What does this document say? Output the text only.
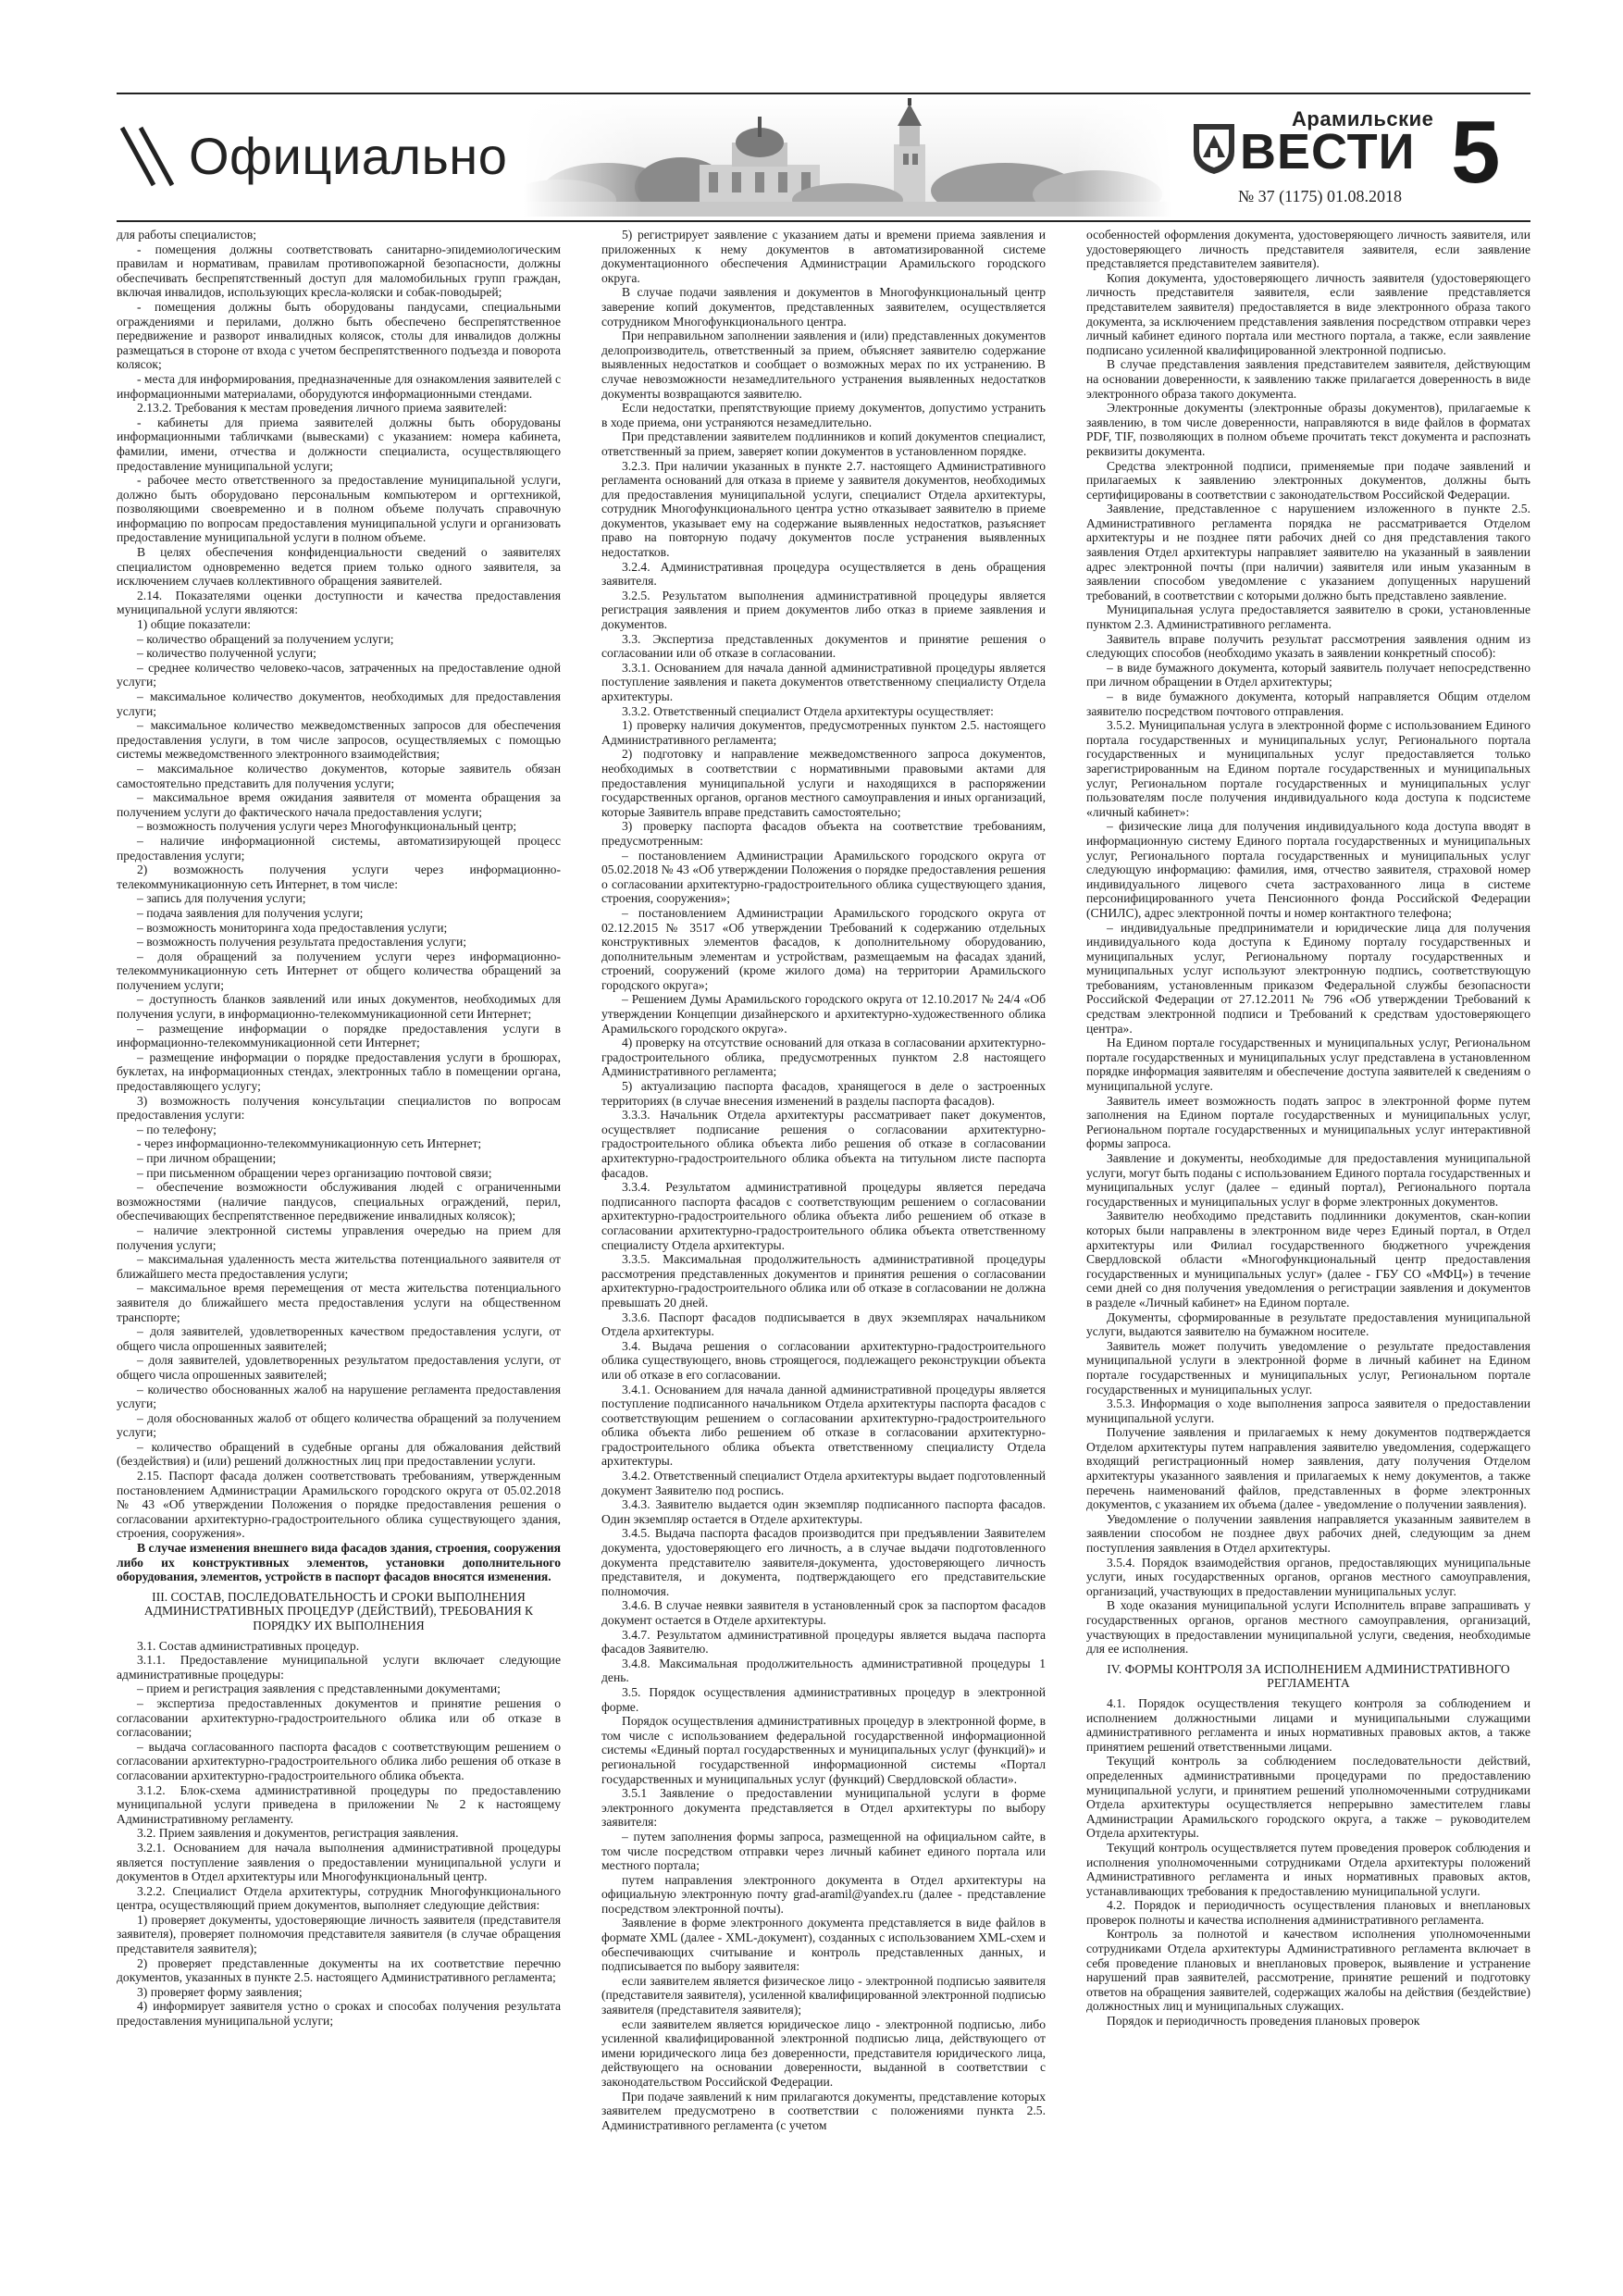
Официально
Арамильские
ВЕСТИ
№ 37 (1175) 01.08.2018 5

для работы специалистов;

- помещения должны соответствовать санитарно-эпидемиологическим правилам и нормативам, правилам противопожарной безопасности, должны обеспечивать беспрепятственный доступ для маломобильных групп граждан, включая инвалидов, использующих кресла-коляски и собак-поводырей;

- помещения должны быть оборудованы пандусами, специальными ограждениями и перилами, должно быть обеспечено беспрепятственное передвижение и разворот инвалидных колясок, столы для инвалидов должны размещаться в стороне от входа с учетом беспрепятственного подъезда и поворота колясок;

- места для информирования, предназначенные для ознакомления заявителей с информационными материалами, оборудуются информационными стендами.

2.13.2. Требования к местам проведения личного приема заявителей:

- кабинеты для приема заявителей должны быть оборудованы информационными табличками (вывесками) с указанием: номера кабинета, фамилии, имени, отчества и должности специалиста, осуществляющего предоставление муниципальной услуги;

- рабочее место ответственного за предоставление муниципальной услуги, должно быть оборудовано персональным компьютером и оргтехникой, позволяющими своевременно и в полном объеме получать справочную информацию по вопросам предоставления муниципальной услуги и организовать предоставление муниципальной услуги в полном объеме.

В целях обеспечения конфиденциальности сведений о заявителях специалистом одновременно ведется прием только одного заявителя, за исключением случаев коллективного обращения заявителей.

2.14. Показателями оценки доступности и качества предоставления муниципальной услуги являются:

1) общие показатели:

– количество обращений за получением услуги;

– количество полученной услуги;

– среднее количество человеко-часов, затраченных на предоставление одной услуги;

– максимальное количество документов, необходимых для предоставления услуги;

– максимальное количество межведомственных запросов для обеспечения предоставления услуги, в том числе запросов, осуществляемых с помощью системы межведомственного электронного взаимодействия;

– максимальное количество документов, которые заявитель обязан самостоятельно представить для получения услуги;

– максимальное время ожидания заявителя от момента обращения за получением услуги до фактического начала предоставления услуги;

– возможность получения услуги через Многофункциональный центр;

– наличие информационной системы, автоматизирующей процесс предоставления услуги;

2) возможность получения услуги через информационно-телекоммуникационную сеть Интернет, в том числе:

– запись для получения услуги;

– подача заявления для получения услуги;

– возможность мониторинга хода предоставления услуги;

– возможность получения результата предоставления услуги;

– доля обращений за получением услуги через информационно-телекоммуникационную сеть Интернет от общего количества обращений за получением услуги;

– доступность бланков заявлений или иных документов, необходимых для получения услуги, в информационно-телекоммуникационной сети Интернет;

– размещение информации о порядке предоставления услуги в информационно-телекоммуникационной сети Интернет;

– размещение информации о порядке предоставления услуги в брошюрах, буклетах, на информационных стендах, электронных табло в помещении органа, предоставляющего услугу;

3) возможность получения консультации специалистов по вопросам предоставления услуги:

– по телефону;

- через информационно-телекоммуникационную сеть Интернет;

– при личном обращении;

– при письменном обращении через организацию почтовой связи;

– обеспечение возможности обслуживания людей с ограниченными возможностями (наличие пандусов, специальных ограждений, перил, обеспечивающих беспрепятственное передвижение инвалидных колясок);

– наличие электронной системы управления очередью на прием для получения услуги;

– максимальная удаленность места жительства потенциального заявителя от ближайшего места предоставления услуги;

– максимальное время перемещения от места жительства потенциального заявителя до ближайшего места предоставления услуги на общественном транспорте;

– доля заявителей, удовлетворенных качеством предоставления услуги, от общего числа опрошенных заявителей;

– доля заявителей, удовлетворенных результатом предоставления услуги, от общего числа опрошенных заявителей;

– количество обоснованных жалоб на нарушение регламента предоставления услуги;

– доля обоснованных жалоб от общего количества обращений за получением услуги;

– количество обращений в судебные органы для обжалования действий (бездействия) и (или) решений должностных лиц при предоставлении услуги.

2.15. Паспорт фасада должен соответствовать требованиям, утвержденным постановлением Администрации Арамильского городского округа от 05.02.2018 № 43 «Об утверждении Положения о порядке предоставления решения о согласовании архитектурно-градостроительного облика существующего здания, строения, сооружения».

В случае изменения внешнего вида фасадов здания, строения, сооружения либо их конструктивных элементов, установки дополнительного оборудования, элементов, устройств в паспорт фасадов вносятся изменения.

III. СОСТАВ, ПОСЛЕДОВАТЕЛЬНОСТЬ И СРОКИ ВЫПОЛНЕНИЯ АДМИНИСТРАТИВНЫХ ПРОЦЕДУР (ДЕЙСТВИЙ), ТРЕБОВАНИЯ К ПОРЯДКУ ИХ ВЫПОЛНЕНИЯ

3.1. Состав административных процедур.

3.1.1. Предоставление муниципальной услуги включает следующие административные процедуры:

– прием и регистрация заявления с представленными документами;

– экспертиза предоставленных документов и принятие решения о согласовании архитектурно-градостроительного облика или об отказе в согласовании;

– выдача согласованного паспорта фасадов с соответствующим решением о согласовании архитектурно-градостроительного облика либо решения об отказе в согласовании архитектурно-градостроительного облика объекта.

3.1.2. Блок-схема административной процедуры по предоставлению муниципальной услуги приведена в приложении № 2 к настоящему Административному регламенту.

3.2. Прием заявления и документов, регистрация заявления.

3.2.1. Основанием для начала выполнения административной процедуры является поступление заявления о предоставлении муниципальной услуги и документов в Отдел архитектуры или Многофункциональный центр.

3.2.2. Специалист Отдела архитектуры, сотрудник Многофункционального центра, осуществляющий прием документов, выполняет следующие действия:

1) проверяет документы, удостоверяющие личность заявителя (представителя заявителя), проверяет полномочия представителя заявителя (в случае обращения представителя заявителя);

2) проверяет представленные документы на их соответствие перечню документов, указанных в пункте 2.5. настоящего Административного регламента;

3) проверяет форму заявления;

4) информирует заявителя устно о сроках и способах получения результата предоставления муниципальной услуги;

5) регистрирует заявление с указанием даты и времени приема заявления и приложенных к нему документов в автоматизированной системе документационного обеспечения Администрации Арамильского городского округа.

В случае подачи заявления и документов в Многофункциональный центр заверение копий документов, представленных заявителем, осуществляется сотрудником Многофункционального центра.

При неправильном заполнении заявления и (или) представленных документов делопроизводитель, ответственный за прием, объясняет заявителю содержание выявленных недостатков и сообщает о возможных мерах по их устранению. В случае невозможности незамедлительного устранения выявленных недостатков документы возвращаются заявителю.

Если недостатки, препятствующие приему документов, допустимо устранить в ходе приема, они устраняются незамедлительно.

При представлении заявителем подлинников и копий документов специалист, ответственный за прием, заверяет копии документов в установленном порядке.

3.2.3. При наличии указанных в пункте 2.7. настоящего Административного регламента оснований для отказа в приеме у заявителя документов, необходимых для предоставления муниципальной услуги, специалист Отдела архитектуры, сотрудник Многофункционального центра устно отказывает заявителю в приеме документов, указывает ему на содержание выявленных недостатков, разъясняет право на повторную подачу документов после устранения выявленных недостатков.

3.2.4. Административная процедура осуществляется в день обращения заявителя.

3.2.5. Результатом выполнения административной процедуры является регистрация заявления и прием документов либо отказ в приеме заявления и документов.

3.3. Экспертиза представленных документов и принятие решения о согласовании или об отказе в согласовании.

3.3.1. Основанием для начала данной административной процедуры является поступление заявления и пакета документов ответственному специалисту Отдела архитектуры.

3.3.2. Ответственный специалист Отдела архитектуры осуществляет:

1) проверку наличия документов, предусмотренных пунктом 2.5. настоящего Административного регламента;

2) подготовку и направление межведомственного запроса документов, необходимых в соответствии с нормативными правовыми актами для предоставления муниципальной услуги и находящихся в распоряжении государственных органов, органов местного самоуправления и иных организаций, которые Заявитель вправе представить самостоятельно;

3) проверку паспорта фасадов объекта на соответствие требованиям, предусмотренным:

– постановлением Администрации Арамильского городского округа от 05.02.2018 № 43 «Об утверждении Положения о порядке предоставления решения о согласовании архитектурно-градостроительного облика существующего здания, строения, сооружения»;

– постановлением Администрации Арамильского городского округа от 02.12.2015 № 3517 «Об утверждении Требований к содержанию отдельных конструктивных элементов фасадов, к дополнительному оборудованию, дополнительным элементам и устройствам, размещаемым на фасадах зданий, строений, сооружений (кроме жилого дома) на территории Арамильского городского округа»;

– Решением Думы Арамильского городского округа от 12.10.2017 № 24/4 «Об утверждении Концепции дизайнерского и архитектурно-художественного облика Арамильского городского округа».

4) проверку на отсутствие оснований для отказа в согласовании архитектурно-градостроительного облика, предусмотренных пунктом 2.8 настоящего Административного регламента;

5) актуализацию паспорта фасадов, хранящегося в деле о застроенных территориях (в случае внесения изменений в разделы паспорта фасадов).

3.3.3. Начальник Отдела архитектуры рассматривает пакет документов, осуществляет подписание решения о согласовании архитектурно-градостроительного облика объекта либо решения об отказе в согласовании архитектурно-градостроительного облика объекта на титульном листе паспорта фасадов.

3.3.4. Результатом административной процедуры является передача подписанного паспорта фасадов с соответствующим решением о согласовании архитектурно-градостроительного облика объекта либо решением об отказе в согласовании архитектурно-градостроительного облика объекта ответственному специалисту Отдела архитектуры.

3.3.5. Максимальная продолжительность административной процедуры рассмотрения представленных документов и принятия решения о согласовании архитектурно-градостроительного облика или об отказе в согласовании не должна превышать 20 дней.

3.3.6. Паспорт фасадов подписывается в двух экземплярах начальником Отдела архитектуры.

3.4. Выдача решения о согласовании архитектурно-градостроительного облика существующего, вновь строящегося, подлежащего реконструкции объекта или об отказе в его согласовании.

3.4.1. Основанием для начала данной административной процедуры является поступление подписанного начальником Отдела архитектуры паспорта фасадов с соответствующим решением о согласовании архитектурно-градостроительного облика объекта либо решением об отказе в согласовании архитектурно-градостроительного облика объекта ответственному специалисту Отдела архитектуры.

3.4.2. Ответственный специалист Отдела архитектуры выдает подготовленный документ Заявителю под роспись.

3.4.3. Заявителю выдается один экземпляр подписанного паспорта фасадов. Один экземпляр остается в Отделе архитектуры.

3.4.5. Выдача паспорта фасадов производится при предъявлении Заявителем документа, удостоверяющего его личность, а в случае выдачи подготовленного документа представителю заявителя-документа, удостоверяющего личность представителя, и документа, подтверждающего его представительские полномочия.

3.4.6. В случае неявки заявителя в установленный срок за паспортом фасадов документ остается в Отделе архитектуры.

3.4.7. Результатом административной процедуры является выдача паспорта фасадов Заявителю.

3.4.8. Максимальная продолжительность административной процедуры 1 день.

3.5. Порядок осуществления административных процедур в электронной форме.

Порядок осуществления административных процедур в электронной форме, в том числе с использованием федеральной государственной информационной системы «Единый портал государственных и муниципальных услуг (функций)» и региональной государственной информационной системы «Портал государственных и муниципальных услуг (функций) Свердловской области».

3.5.1 Заявление о предоставлении муниципальной услуги в форме электронного документа представляется в Отдел архитектуры по выбору заявителя:

– путем заполнения формы запроса, размещенной на официальном сайте, в том числе посредством отправки через личный кабинет единого портала или местного портала;

путем направления электронного документа в Отдел архитектуры на официальную электронную почту grad-aramil@yandex.ru (далее - представление посредством электронной почты).

Заявление в форме электронного документа представляется в виде файлов в формате XML (далее - XML-документ), созданных с использованием XML-схем и обеспечивающих считывание и контроль представленных данных, и подписывается по выбору заявителя:

если заявителем является физическое лицо - электронной подписью заявителя (представителя заявителя), усиленной квалифицированной электронной подписью заявителя (представителя заявителя);

если заявителем является юридическое лицо - электронной подписью, либо усиленной квалифицированной электронной подписью лица, действующего от имени юридического лица без доверенности, представителя юридического лица, действующего на основании доверенности, выданной в соответствии с законодательством Российской Федерации.

При подаче заявлений к ним прилагаются документы, представление которых заявителем предусмотрено в соответствии с положениями пункта 2.5. Административного регламента (с учетом

особенностей оформления документа, удостоверяющего личность заявителя, или удостоверяющего личность представителя заявителя, если заявление представляется представителем заявителя).

Копия документа, удостоверяющего личность заявителя (удостоверяющего личность представителя заявителя, если заявление представляется представителем заявителя) предоставляется в виде электронного образа такого документа, за исключением представления заявления посредством отправки через личный кабинет единого портала или местного портала, а также, если заявление подписано усиленной квалифицированной электронной подписью.

В случае представления заявления представителем заявителя, действующим на основании доверенности, к заявлению также прилагается доверенность в виде электронного образа такого документа.

Электронные документы (электронные образы документов), прилагаемые к заявлению, в том числе доверенности, направляются в виде файлов в форматах PDF, TIF, позволяющих в полном объеме прочитать текст документа и распознать реквизиты документа.

Средства электронной подписи, применяемые при подаче заявлений и прилагаемых к заявлению электронных документов, должны быть сертифицированы в соответствии с законодательством Российской Федерации.

Заявление, представленное с нарушением изложенного в пункте 2.5. Административного регламента порядка не рассматривается Отделом архитектуры и не позднее пяти рабочих дней со дня представления такого заявления Отдел архитектуры направляет заявителю на указанный в заявлении адрес электронной почты (при наличии) заявителя или иным указанным в заявлении способом уведомление с указанием допущенных нарушений требований, в соответствии с которыми должно быть представлено заявление.

Муниципальная услуга предоставляется заявителю в сроки, установленные пунктом 2.3. Административного регламента.

Заявитель вправе получить результат рассмотрения заявления одним из следующих способов (необходимо указать в заявлении конкретный способ):

– в виде бумажного документа, который заявитель получает непосредственно при личном обращении в Отдел архитектуры;

– в виде бумажного документа, который направляется Общим отделом заявителю посредством почтового отправления.

3.5.2. Муниципальная услуга в электронной форме с использованием Единого портала государственных и муниципальных услуг, Регионального портала государственных и муниципальных услуг предоставляется только зарегистрированным на Едином портале государственных и муниципальных услуг, Региональном портале государственных и муниципальных услуг пользователям после получения индивидуального кода доступа к подсистеме «личный кабинет»:

– физические лица для получения индивидуального кода доступа вводят в информационную систему Единого портала государственных и муниципальных услуг, Регионального портала государственных и муниципальных услуг следующую информацию: фамилия, имя, отчество заявителя, страховой номер индивидуального лицевого счета застрахованного лица в системе персонифицированного учета Пенсионного фонда Российской Федерации (СНИЛС), адрес электронной почты и номер контактного телефона;

– индивидуальные предприниматели и юридические лица для получения индивидуального кода доступа к Единому порталу государственных и муниципальных услуг, Региональному порталу государственных и муниципальных услуг используют электронную подпись, соответствующую требованиям, установленным приказом Федеральной службы безопасности Российской Федерации от 27.12.2011 № 796 «Об утверждении Требований к средствам электронной подписи и Требований к средствам удостоверяющего центра».

На Едином портале государственных и муниципальных услуг, Региональном портале государственных и муниципальных услуг представлена в установленном порядке информация заявителям и обеспечение доступа заявителей к сведениям о муниципальной услуге.

Заявитель имеет возможность подать запрос в электронной форме путем заполнения на Едином портале государственных и муниципальных услуг, Региональном портале государственных и муниципальных услуг интерактивной формы запроса.

Заявление и документы, необходимые для предоставления муниципальной услуги, могут быть поданы с использованием Единого портала государственных и муниципальных услуг (далее – единый портал), Регионального портала государственных и муниципальных услуг в форме электронных документов.

Заявителю необходимо представить подлинники документов, скан-копии которых были направлены в электронном виде через Единый портал, в Отдел архитектуры или Филиал государственного бюджетного учреждения Свердловской области «Многофункциональный центр предоставления государственных и муниципальных услуг» (далее - ГБУ СО «МФЦ») в течение семи дней со дня получения уведомления о регистрации заявления и документов в разделе «Личный кабинет» на Едином портале.

Документы, сформированные в результате предоставления муниципальной услуги, выдаются заявителю на бумажном носителе.

Заявитель может получить уведомление о результате предоставления муниципальной услуги в электронной форме в личный кабинет на Едином портале государственных и муниципальных услуг, Региональном портале государственных и муниципальных услуг.

3.5.3. Информация о ходе выполнения запроса заявителя о предоставлении муниципальной услуги.

Получение заявления и прилагаемых к нему документов подтверждается Отделом архитектуры путем направления заявителю уведомления, содержащего входящий регистрационный номер заявления, дату получения Отделом архитектуры указанного заявления и прилагаемых к нему документов, а также перечень наименований файлов, представленных в форме электронных документов, с указанием их объема (далее - уведомление о получении заявления).

Уведомление о получении заявления направляется указанным заявителем в заявлении способом не позднее двух рабочих дней, следующим за днем поступления заявления в Отдел архитектуры.

3.5.4. Порядок взаимодействия органов, предоставляющих муниципальные услуги, иных государственных органов, органов местного самоуправления, организаций, участвующих в предоставлении муниципальных услуг.

В ходе оказания муниципальной услуги Исполнитель вправе запрашивать у государственных органов, органов местного самоуправления, организаций, участвующих в предоставлении муниципальной услуги, сведения, необходимые для ее исполнения.

IV. ФОРМЫ КОНТРОЛЯ ЗА ИСПОЛНЕНИЕМ АДМИНИСТРАТИВНОГО РЕГЛАМЕНТА

4.1. Порядок осуществления текущего контроля за соблюдением и исполнением должностными лицами и муниципальными служащими административного регламента и иных нормативных правовых актов, а также принятием решений ответственными лицами.

Текущий контроль за соблюдением последовательности действий, определенных административными процедурами по предоставлению муниципальной услуги, и принятием решений уполномоченными сотрудниками Отдела архитектуры осуществляется непрерывно заместителем главы Администрации Арамильского городского округа, а также – руководителем Отдела архитектуры.

Текущий контроль осуществляется путем проведения проверок соблюдения и исполнения уполномоченными сотрудниками Отдела архитектуры положений Административного регламента и иных нормативных правовых актов, устанавливающих требования к предоставлению муниципальной услуги.

4.2. Порядок и периодичность осуществления плановых и внеплановых проверок полноты и качества исполнения административного регламента.

Контроль за полнотой и качеством исполнения уполномоченными сотрудниками Отдела архитектуры Административного регламента включает в себя проведение плановых и внеплановых проверок, выявление и устранение нарушений прав заявителей, рассмотрение, принятие решений и подготовку ответов на обращения заявителей, содержащих жалобы на действия (бездействие) должностных лиц и муниципальных служащих.

Порядок и периодичность проведения плановых проверок
